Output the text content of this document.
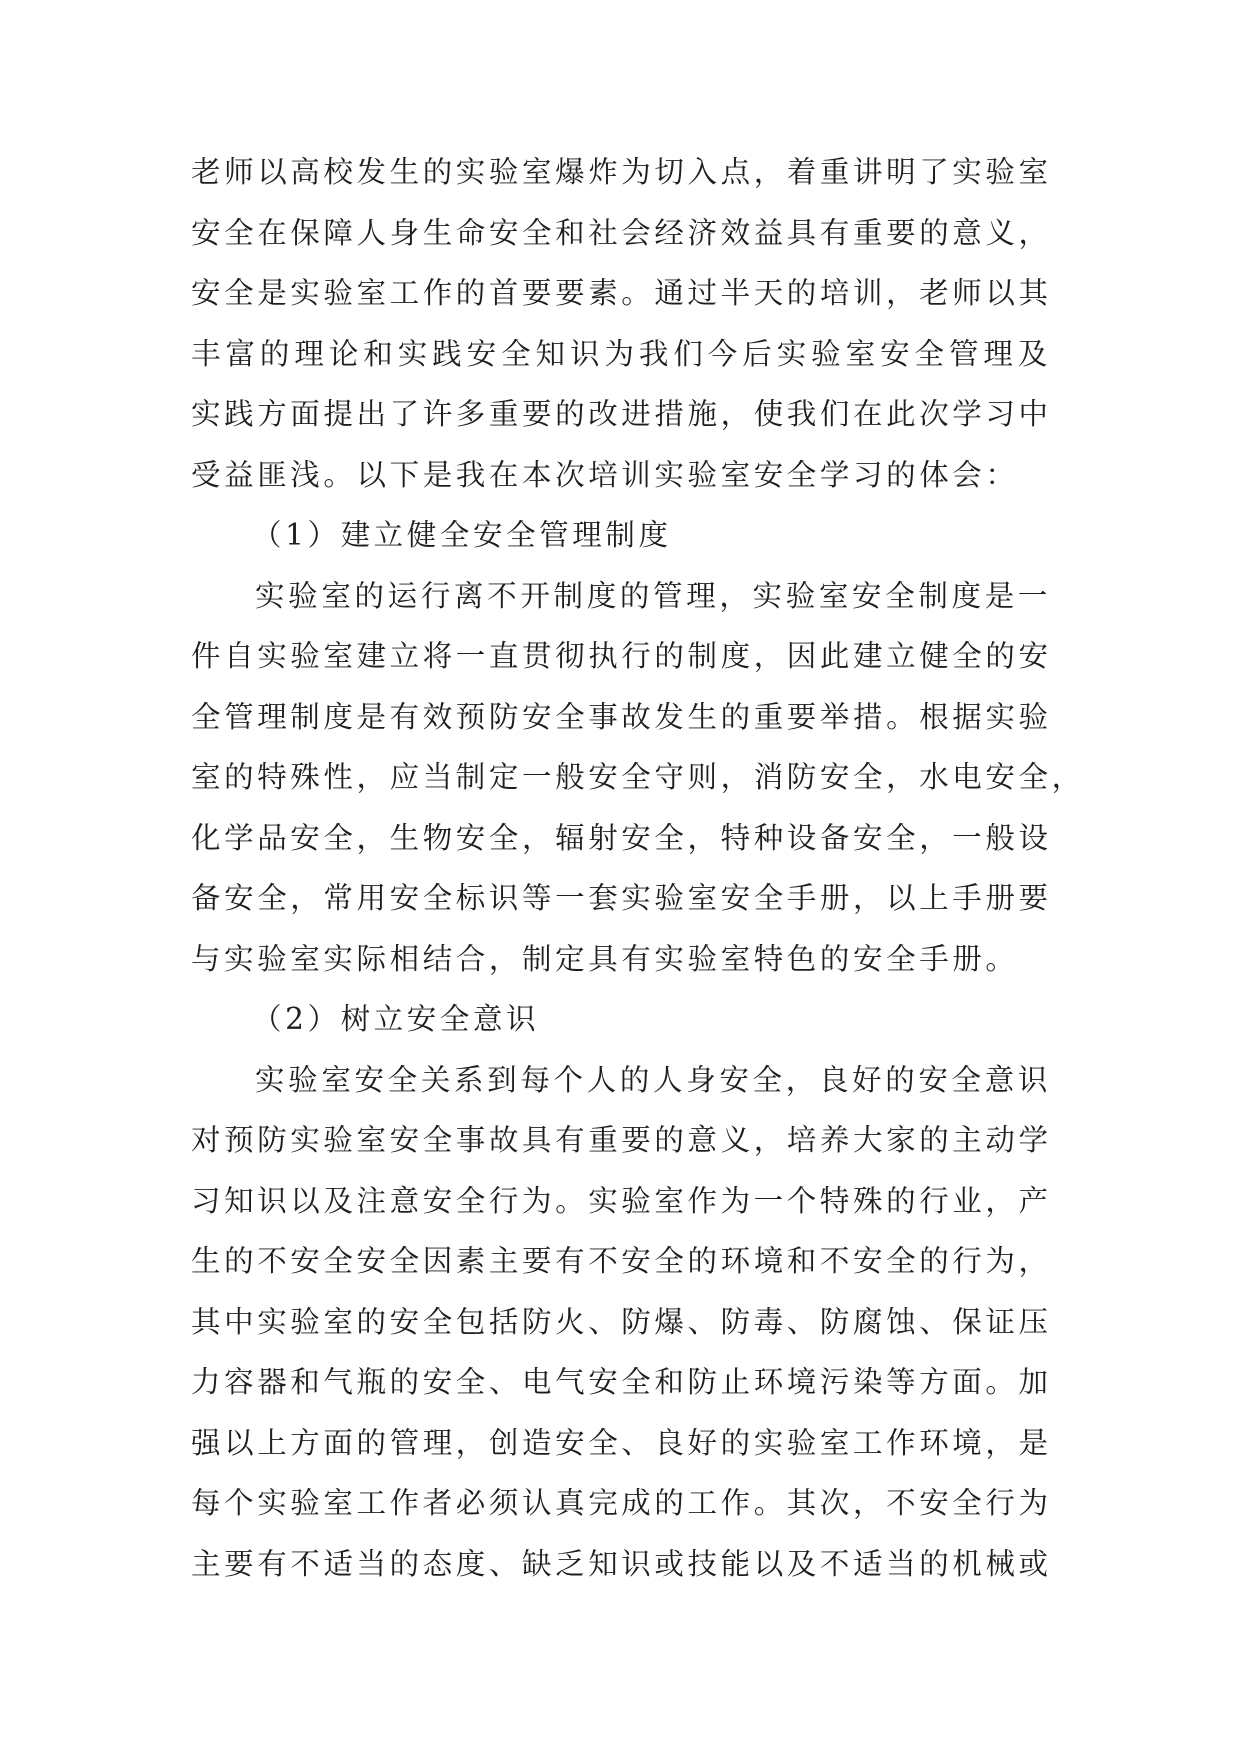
老师以高校发生的实验室爆炸为切入点，着重讲明了实验室
安全在保障人身生命安全和社会经济效益具有重要的意义，
安全是实验室工作的首要要素。通过半天的培训，老师以其
丰富的理论和实践安全知识为我们今后实验室安全管理及
实践方面提出了许多重要的改进措施，使我们在此次学习中
受益匪浅。以下是我在本次培训实验室安全学习的体会：
（1）建立健全安全管理制度
实验室的运行离不开制度的管理，实验室安全制度是一
件自实验室建立将一直贯彻执行的制度，因此建立健全的安
全管理制度是有效预防安全事故发生的重要举措。根据实验
室的特殊性，应当制定一般安全守则，消防安全，水电安全，
化学品安全，生物安全，辐射安全，特种设备安全，一般设
备安全，常用安全标识等一套实验室安全手册，以上手册要
与实验室实际相结合，制定具有实验室特色的安全手册。
（2）树立安全意识
实验室安全关系到每个人的人身安全，良好的安全意识
对预防实验室安全事故具有重要的意义，培养大家的主动学
习知识以及注意安全行为。实验室作为一个特殊的行业，产
生的不安全安全因素主要有不安全的环境和不安全的行为，
其中实验室的安全包括防火、防爆、防毒、防腐蚀、保证压
力容器和气瓶的安全、电气安全和防止环境污染等方面。加
强以上方面的管理，创造安全、良好的实验室工作环境，是
每个实验室工作者必须认真完成的工作。其次，不安全行为
主要有不适当的态度、缺乏知识或技能以及不适当的机械或
